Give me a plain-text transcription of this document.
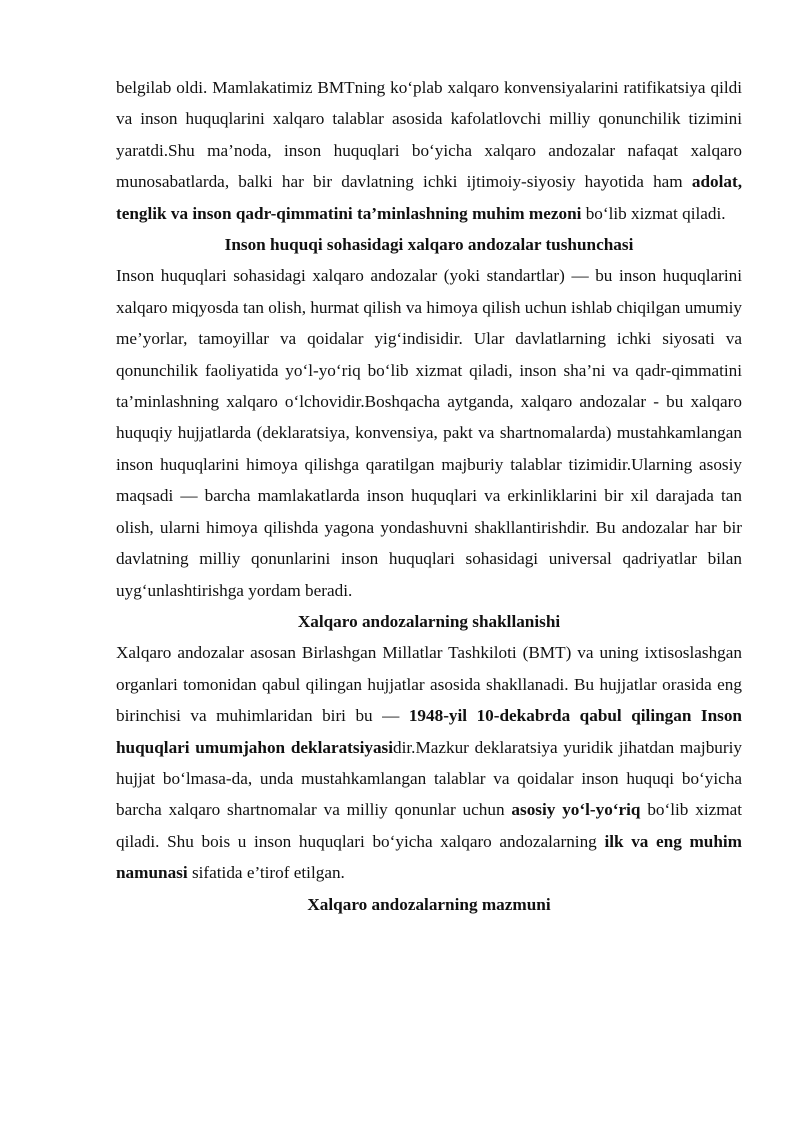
belgilab oldi. Mamlakatimiz BMTning ko‘plab xalqaro konvensiyalarini ratifikatsiya qildi va inson huquqlarini xalqaro talablar asosida kafolatlovchi milliy qonunchilik tizimini yaratdi.Shu ma’noda, inson huquqlari bo‘yicha xalqaro andozalar nafaqat xalqaro munosabatlarda, balki har bir davlatning ichki ijtimoiy-siyosiy hayotida ham adolat, tenglik va inson qadr-qimmatini ta’minlashning muhim mezoni bo‘lib xizmat qiladi.

Inson huquqi sohasidagi xalqaro andozalar tushunchasi

Inson huquqlari sohasidagi xalqaro andozalar (yoki standartlar) — bu inson huquqlarini xalqaro miqyosda tan olish, hurmat qilish va himoya qilish uchun ishlab chiqilgan umumiy me’yorlar, tamoyillar va qoidalar yig‘indisidir. Ular davlatlarning ichki siyosati va qonunchilik faoliyatida yo‘l-yo‘riq bo‘lib xizmat qiladi, inson sha’ni va qadr-qimmatini ta’minlashning xalqaro o‘lchovidir.Boshqacha aytganda, xalqaro andozalar - bu xalqaro huquqiy hujjatlarda (deklaratsiya, konvensiya, pakt va shartnomalarda) mustahkamlangan inson huquqlarini himoya qilishga qaratilgan majburiy talablar tizimidir.Ularning asosiy maqsadi — barcha mamlakatlarda inson huquqlari va erkinliklarini bir xil darajada tan olish, ularni himoya qilishda yagona yondashuvni shakllantirishdir. Bu andozalar har bir davlatning milliy qonunlarini inson huquqlari sohasidagi universal qadriyatlar bilan uyg‘unlashtirishga yordam beradi.

Xalqaro andozalarning shakllanishi

Xalqaro andozalar asosan Birlashgan Millatlar Tashkiloti (BMT) va uning ixtisoslashgan organlari tomonidan qabul qilingan hujjatlar asosida shakllanadi. Bu hujjatlar orasida eng birinchisi va muhimlaridan biri bu — 1948-yil 10-dekabrda qabul qilingan Inson huquqlari umumjahon deklaratsiyasidir.Mazkur deklaratsiya yuridik jihatdan majburiy hujjat bo‘lmasa-da, unda mustahkamlangan talablar va qoidalar inson huquqi bo‘yicha barcha xalqaro shartnomalar va milliy qonunlar uchun asosiy yo‘l-yo‘riq bo‘lib xizmat qiladi. Shu bois u inson huquqlari bo‘yicha xalqaro andozalarning ilk va eng muhim namunasi sifatida e’tirof etilgan.

Xalqaro andozalarning mazmuni
